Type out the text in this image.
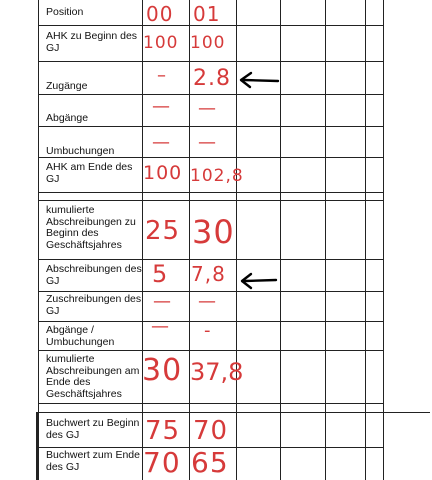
Position
AHK zu Beginn des GJ
Zugänge
Abgänge
Umbuchungen
AHK am Ende des GJ
kumulierte Abschreibungen zu Beginn des Geschäftsjahres
Abschreibungen des GJ
Zuschreibungen des GJ
Abgänge / Umbuchungen
kumulierte Abschreibungen am Ende des Geschäftsjahres
Buchwert zu Beginn des GJ
Buchwert zum Ende des GJ
00
100
–
—
—
100
25
5
—
—
30
75
70
01
100
2.8
—
—
102,8
30
7,8
—
-
37,8
70
65
